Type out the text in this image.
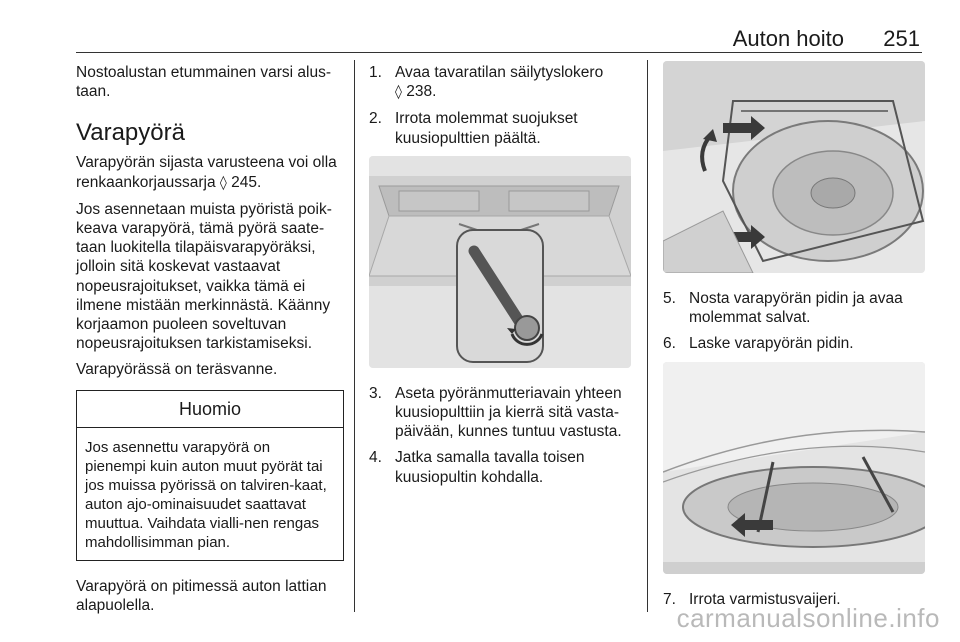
Auton hoito 251

Nostoalustan etummainen varsi alus-taan.

Varapyörä

Varapyörän sijasta varusteena voi olla renkaankorjaussarja ◊ 245.

Jos asennetaan muista pyöristä poik-keava varapyörä, tämä pyörä saate-taan luokitella tilapäisvarapyöräksi, jolloin sitä koskevat vastaavat nopeusrajoitukset, vaikka tämä ei ilmene mistään merkinnästä. Käänny korjaamon puoleen soveltuvan nopeusrajoituksen tarkistamiseksi.

Varapyörässä on teräsvanne.

Huomio
Jos asennettu varapyörä on pienempi kuin auton muut pyörät tai jos muissa pyörissä on talviren-kaat, auton ajo-ominaisuudet saattavat muuttua. Vaihdata vialli-nen rengas mahdollisimman pian.

Varapyörä on pitimessä auton lattian alapuolella.

1. Avaa tavaratilan säilytyslokero
◊ 238.
2. Irrota molemmat suojukset kuusiopulttien päältä.
3. Aseta pyöränmutteriavain yhteen kuusiopulttiin ja kierrä sitä vasta-päivään, kunnes tuntuu vastusta.
4. Jatka samalla tavalla toisen kuusiopultin kohdalla.
5. Nosta varapyörän pidin ja avaa molemmat salvat.
6. Laske varapyörän pidin.
7. Irrota varmistusvaijeri.
carmanualsonline.info
